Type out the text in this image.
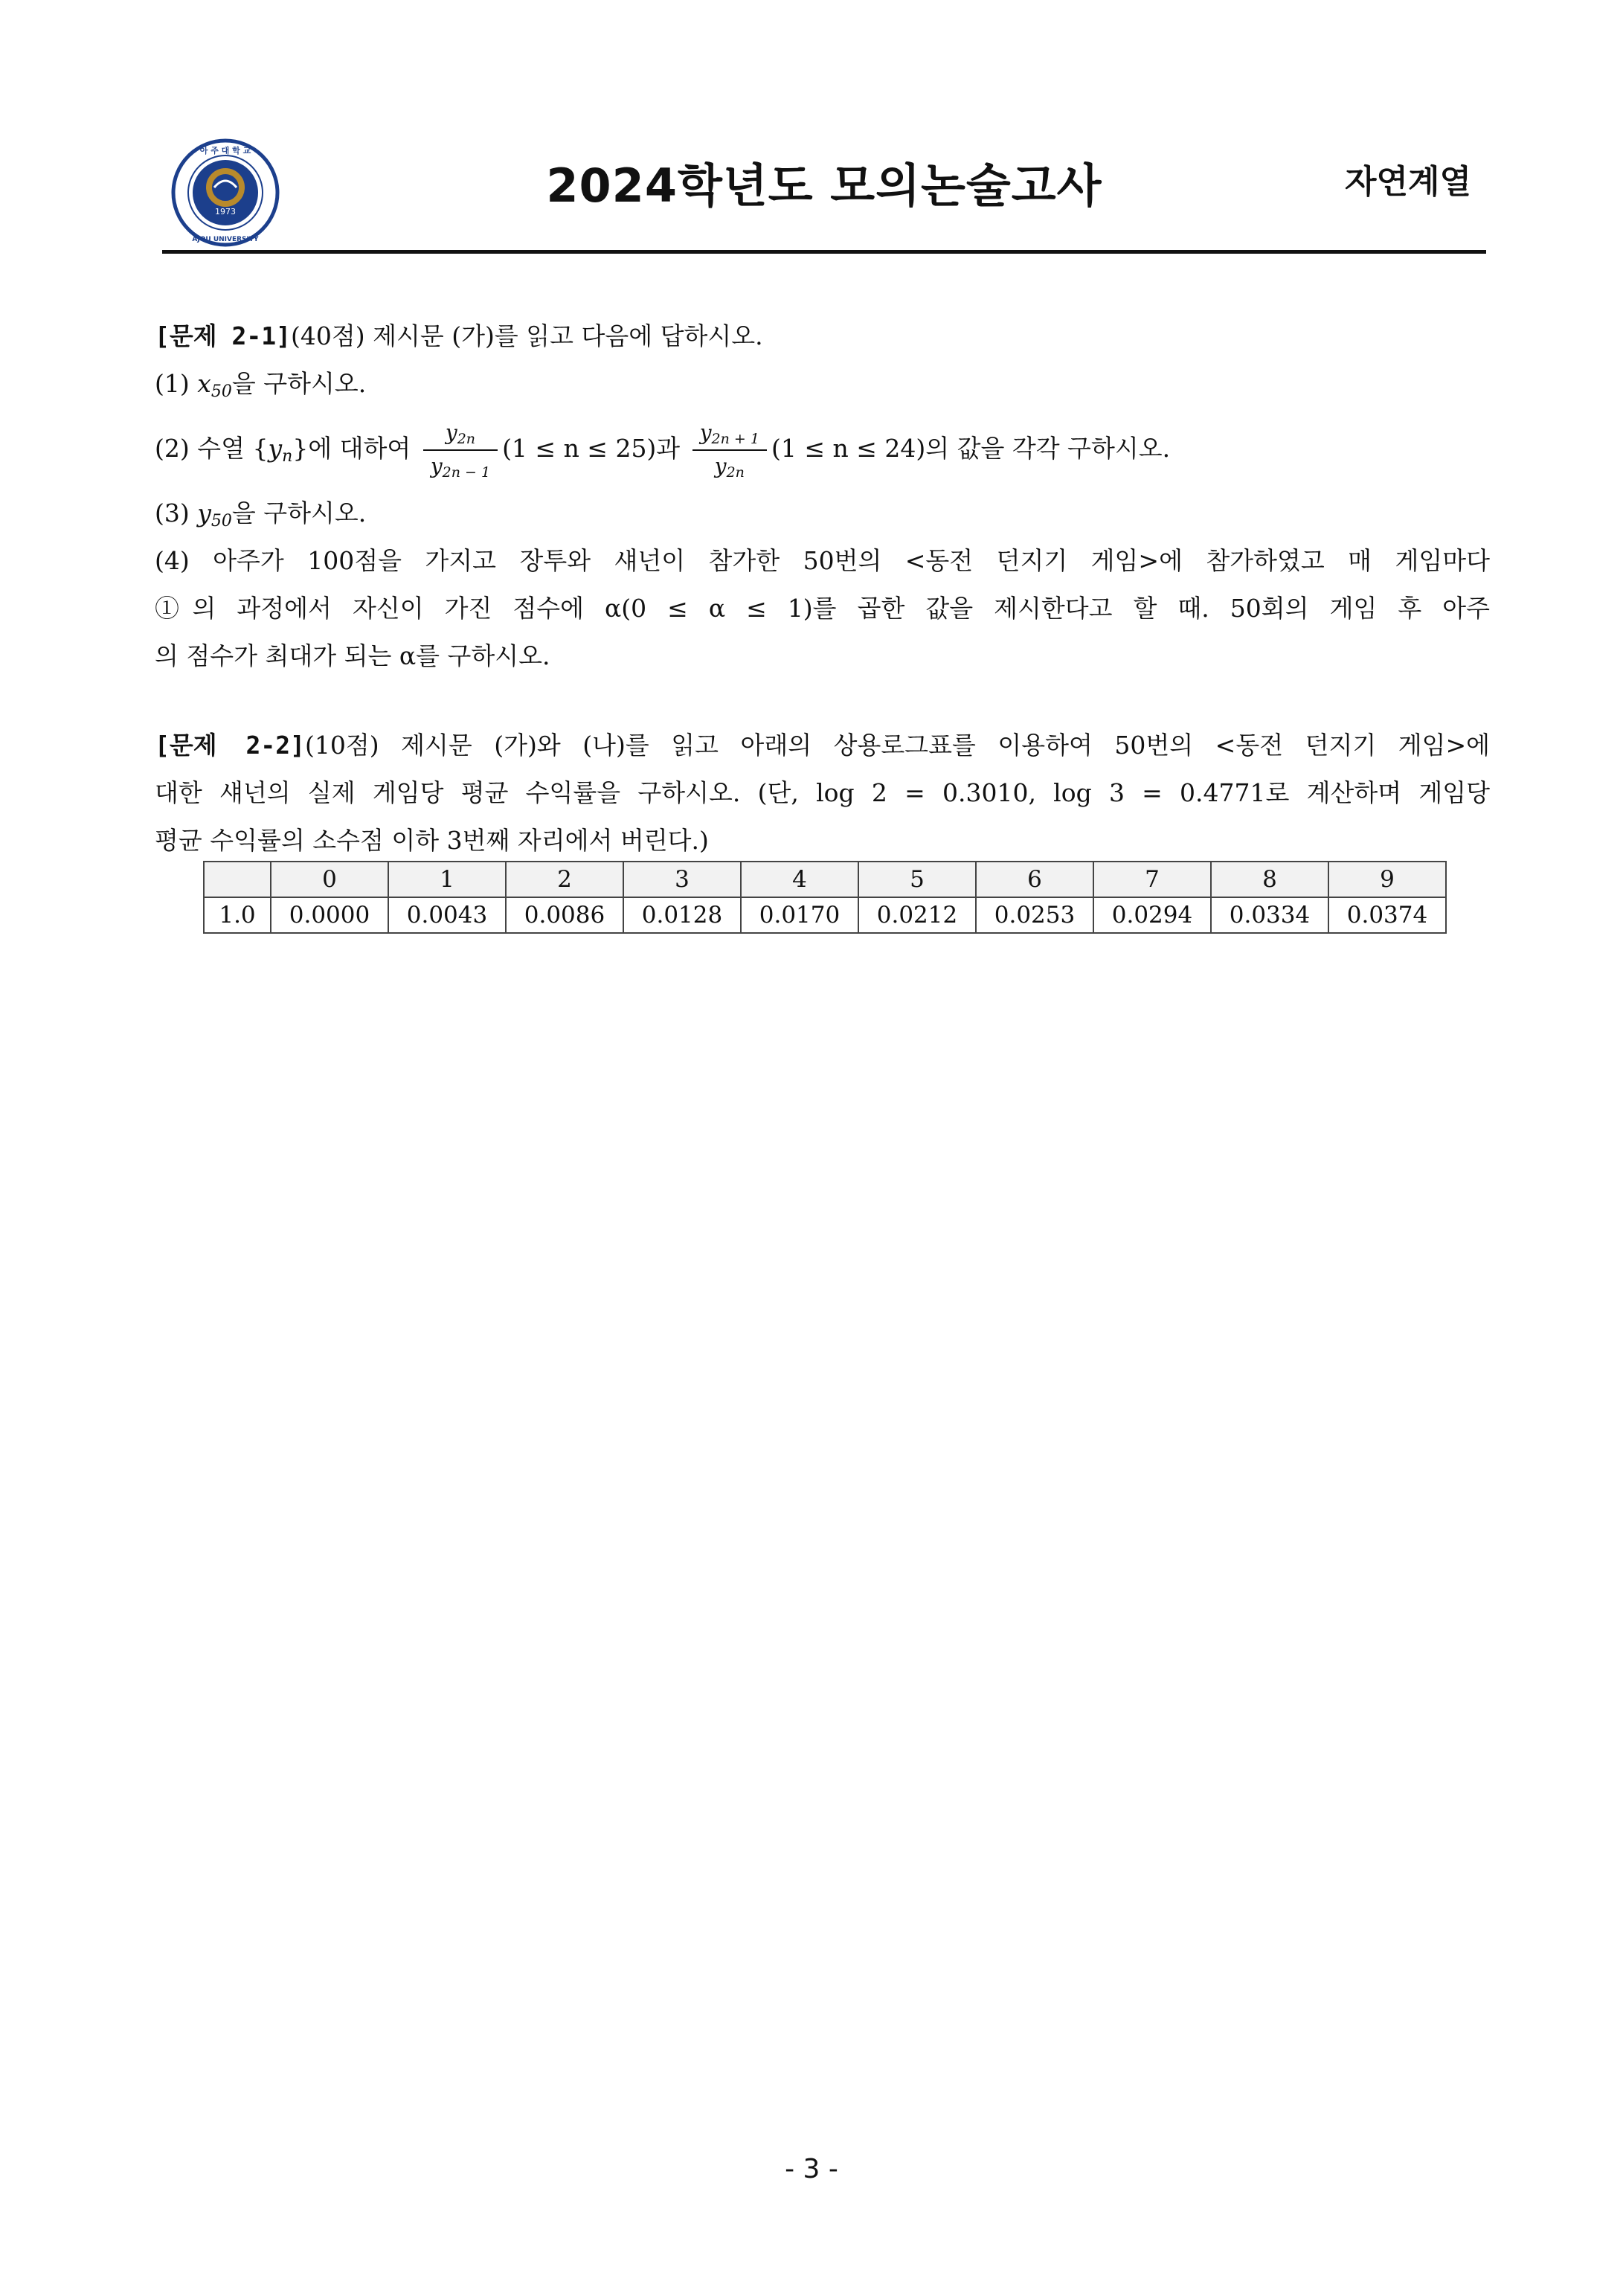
1973
아 주 대 학 교
AJOU UNIVERSITY
2024학년도 모의논술고사	자연계열
[문제 2-1](40점) 제시문 (가)를 읽고 다음에 답하시오.
(1) $x_{50}$을 구하시오.
(2) 수열 $\{y_n\}$에 대하여 $\frac{y_{2n}}{y_{2n - 1}} (1 \le n \le 25)$과 $\frac{y_{2n + 1}}{y_{2n}} (1 \le n \le 24)$의 값을 각각 구하시오.
(3) $y_{50}$을 구하시오.
(4) 아주가 100점을 가지고 장투와 섀넌이 참가한 50번의 <동전 던지기 게임>에 참가하였고 매 게임마다
①의 과정에서 자신이 가진 점수에 α(0 ≤ α ≤ 1)를 곱한 값을 제시한다고 할 때. 50회의 게임 후 아주
의 점수가 최대가 되는 α를 구하시오.
[문제 2-2](10점) 제시문 (가)와 (나)를 읽고 아래의 상용로그표를 이용하여 50번의 <동전 던지기 게임>에
대한 섀넌의 실제 게임당 평균 수익률을 구하시오. (단, log 2 = 0.3010, log 3 = 0.4771로 계산하며 게임당
평균 수익률의 소수점 이하 3번째 자리에서 버린다.)
	0	1	2	3	4	5	6	7	8	9
1.0	0.0000	0.0043	0.0086	0.0128	0.0170	0.0212	0.0253	0.0294	0.0334	0.0374
- 3 -
